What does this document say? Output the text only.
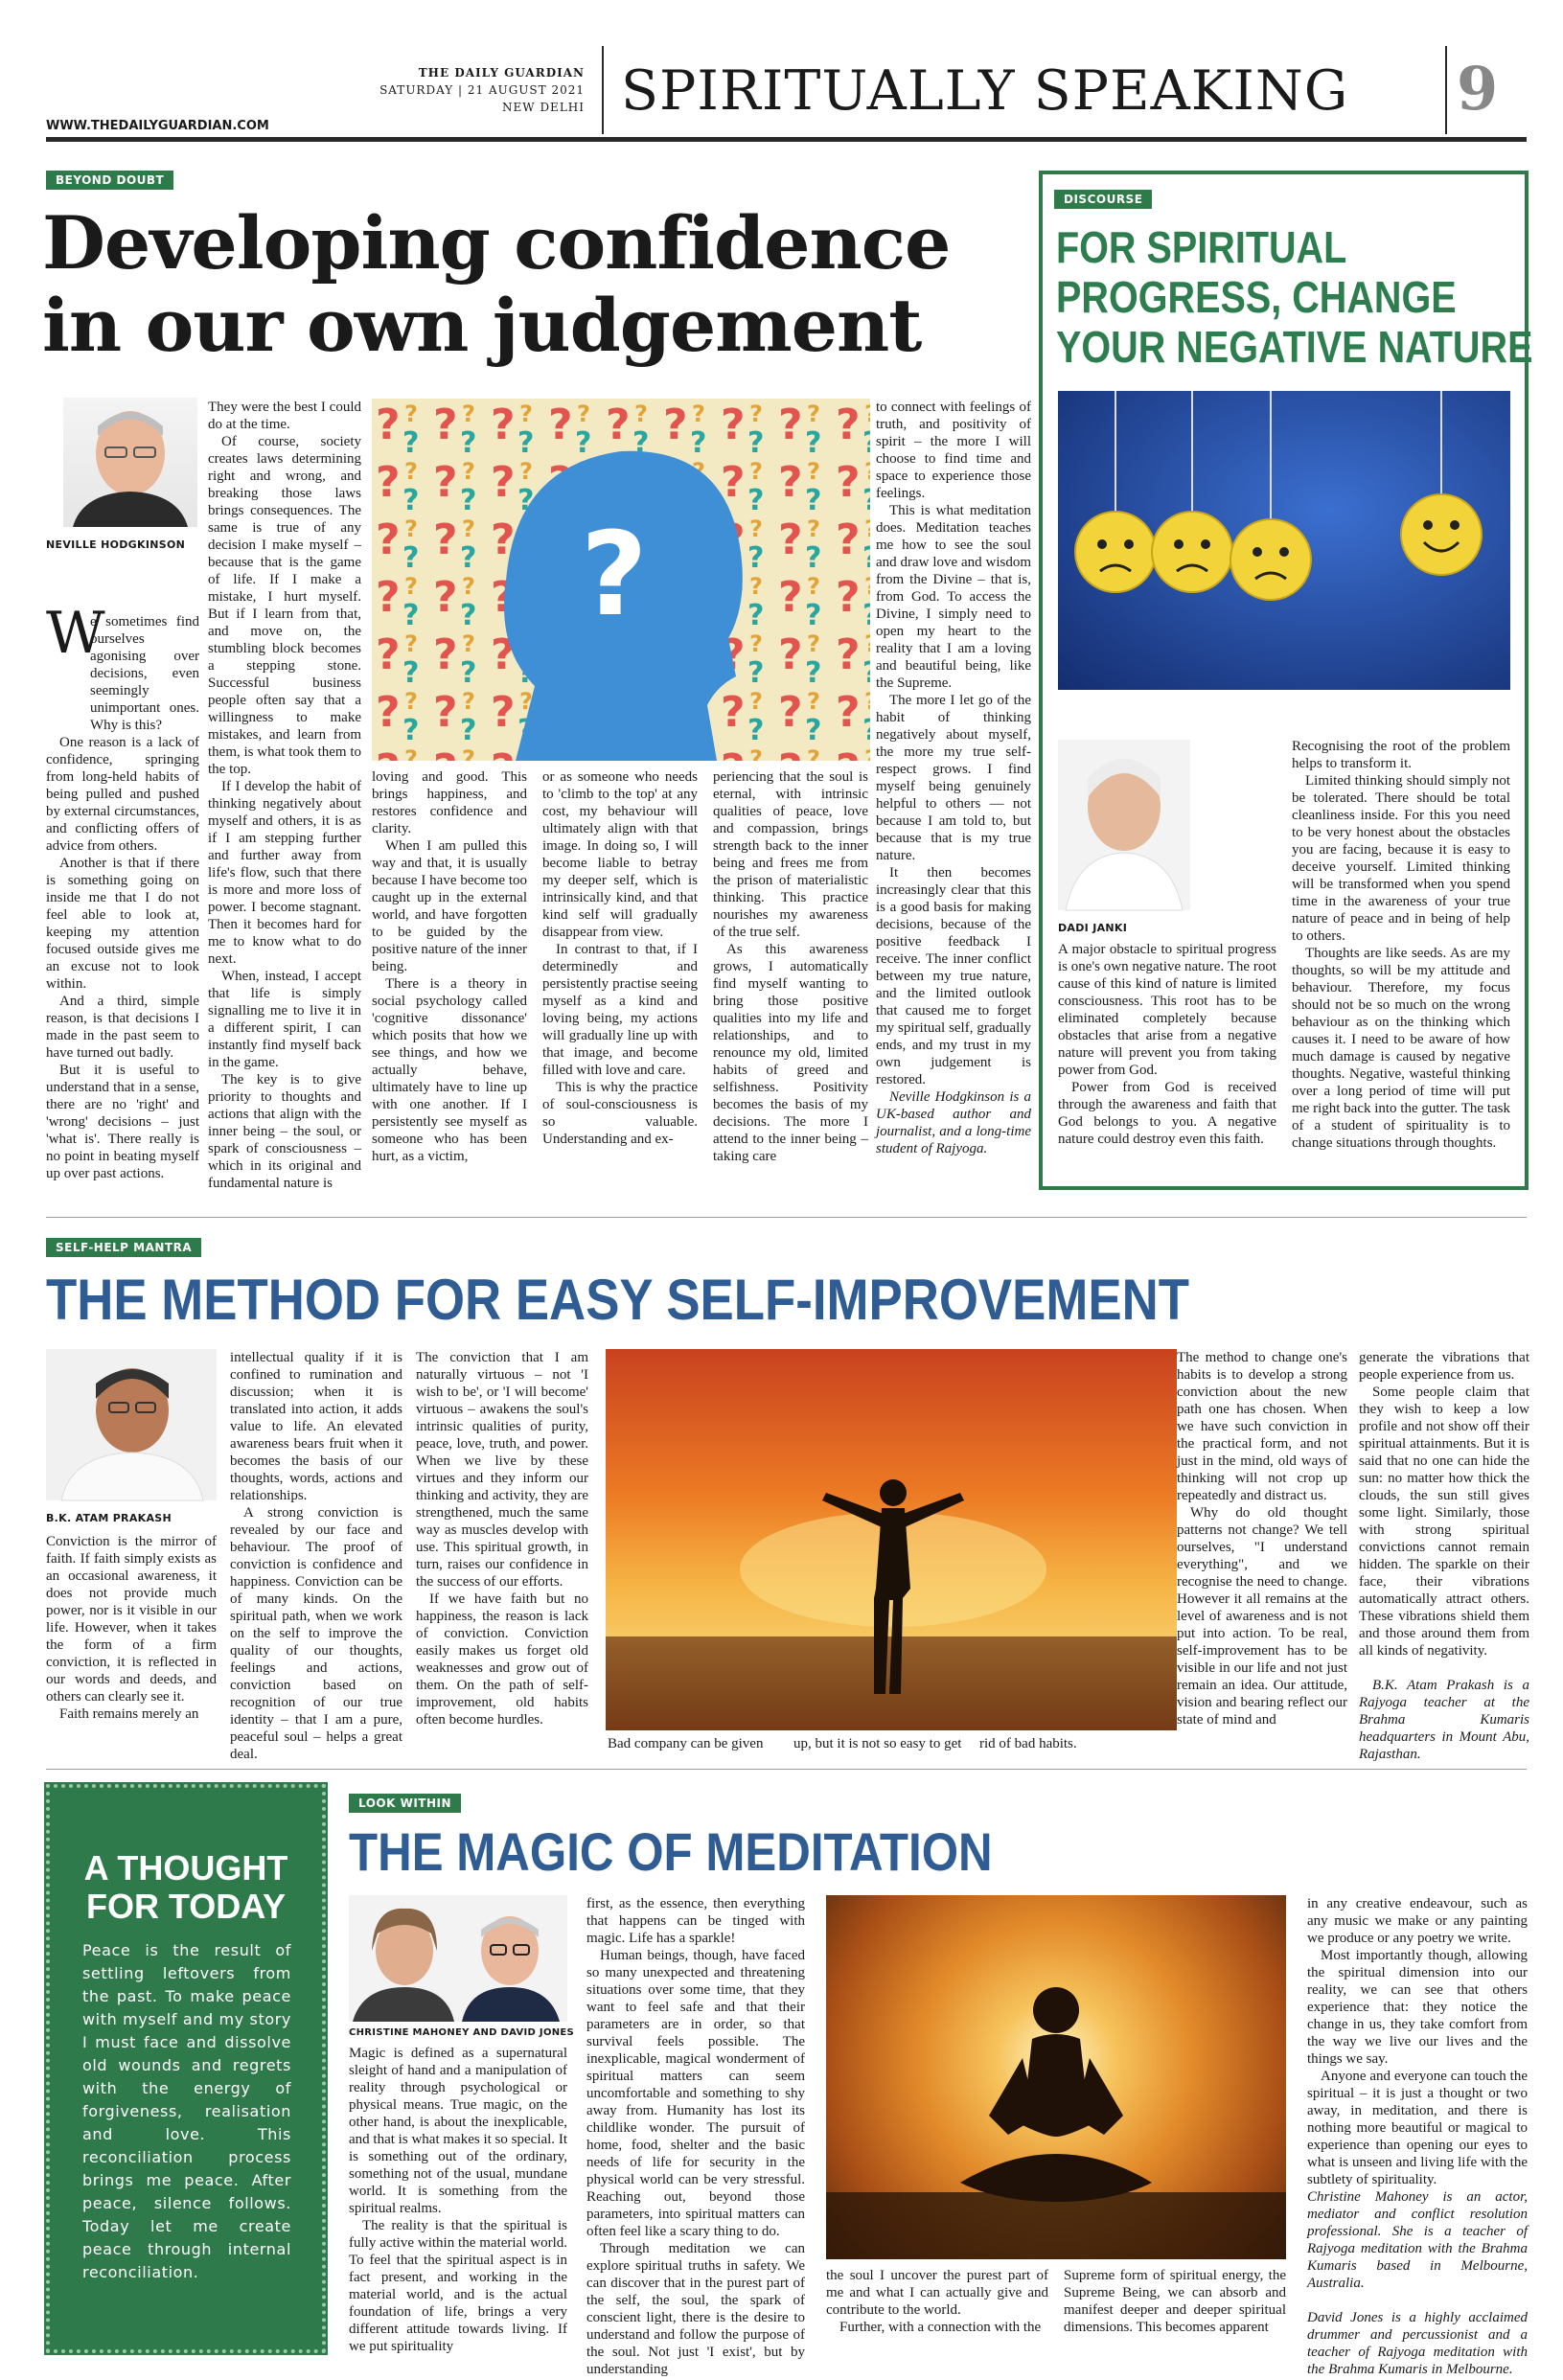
THE DAILY GUARDIAN
SATURDAY | 21 AUGUST 2021
NEW DELHI SPIRITUALLY SPEAKING 9
WWW.THEDAILYGUARDIAN.COM
BEYOND DOUBT
Developing confidence
in our own judgement
NEVILLE HODGKINSON
W

e sometimes find ourselves agonising over decisions, even seemingly unimportant ones. Why is this?

One reason is a lack of confidence, springing from long-held habits of being pulled and pushed by external circumstances, and conflicting offers of advice from others.

Another is that if there is something going on inside me that I do not feel able to look at, keeping my attention focused outside gives me an excuse not to look within.

And a third, simple reason, is that decisions I made in the past seem to have turned out badly.

But it is useful to understand that in a sense, there are no 'right' and 'wrong' decisions – just 'what is'. There really is no point in beating myself up over past actions.

They were the best I could do at the time.

Of course, society creates laws determining right and wrong, and breaking those laws brings consequences. The same is true of any decision I make myself – because that is the game of life. If I make a mistake, I hurt myself. But if I learn from that, and move on, the stumbling block becomes a stepping stone. Successful business people often say that a willingness to make mistakes, and learn from them, is what took them to the top.

If I develop the habit of thinking negatively about myself and others, it is as if I am stepping further and further away from life's flow, such that there is more and more loss of power. I become stagnant. Then it becomes hard for me to know what to do next.

When, instead, I accept that life is simply signalling me to live it in a different spirit, I can instantly find myself back in the game.

The key is to give priority to thoughts and actions that align with the inner being – the soul, or spark of consciousness – which in its original and fundamental nature is

?

loving and good. This brings happiness, and restores confidence and clarity.

When I am pulled this way and that, it is usually because I have become too caught up in the external world, and have forgotten to be guided by the positive nature of the inner being.

There is a theory in social psychology called 'cognitive dissonance' which posits that how we see things, and how we actually behave, ultimately have to line up with one another. If I persistently see myself as someone who has been hurt, as a victim,

or as someone who needs to 'climb to the top' at any cost, my behaviour will ultimately align with that image. In doing so, I will become liable to betray my deeper self, which is intrinsically kind, and that kind self will gradually disappear from view.

In contrast to that, if I determinedly and persistently practise seeing myself as a kind and loving being, my actions will gradually line up with that image, and become filled with love and care.

This is why the practice of soul-consciousness is so valuable. Understanding and ex-

periencing that the soul is eternal, with intrinsic qualities of peace, love and compassion, brings strength back to the inner being and frees me from the prison of materialistic thinking. This practice nourishes my awareness of the true self.

As this awareness grows, I automatically find myself wanting to bring those positive qualities into my life and relationships, and to renounce my old, limited habits of greed and selfishness. Positivity becomes the basis of my decisions. The more I attend to the inner being – taking care

to connect with feelings of truth, and positivity of spirit – the more I will choose to find time and space to experience those feelings.

This is what meditation does. Meditation teaches me how to see the soul and draw love and wisdom from the Divine – that is, from God. To access the Divine, I simply need to open my heart to the reality that I am a loving and beautiful being, like the Supreme.

The more I let go of the habit of thinking negatively about myself, the more my true self-respect grows. I find myself being genuinely helpful to others — not because I am told to, but because that is my true nature.

It then becomes increasingly clear that this is a good basis for making decisions, because of the positive feedback I receive. The inner conflict between my true nature, and the limited outlook that caused me to forget my spiritual self, gradually ends, and my trust in my own judgement is restored.

Neville Hodgkinson is a UK-based author and journalist, and a long-time student of Rajyoga.

DISCOURSE
FOR SPIRITUAL
PROGRESS, CHANGE
YOUR NEGATIVE NATURE
DADI JANKI

A major obstacle to spiritual progress is one's own negative nature. The root cause of this kind of nature is limited consciousness. This root has to be eliminated completely because obstacles that arise from a negative nature will prevent you from taking power from God.

Power from God is received through the awareness and faith that God belongs to you. A negative nature could destroy even this faith.

Recognising the root of the problem helps to transform it.

Limited thinking should simply not be tolerated. There should be total cleanliness inside. For this you need to be very honest about the obstacles you are facing, because it is easy to deceive yourself. Limited thinking will be transformed when you spend time in the awareness of your true nature of peace and in being of help to others.

Thoughts are like seeds. As are my thoughts, so will be my attitude and behaviour. Therefore, my focus should not be so much on the wrong behaviour as on the thinking which causes it. I need to be aware of how much damage is caused by negative thoughts. Negative, wasteful thinking over a long period of time will put me right back into the gutter. The task of a student of spirituality is to change situations through thoughts.

SELF-HELP MANTRA
THE METHOD FOR EASY SELF-IMPROVEMENT
B.K. ATAM PRAKASH

Conviction is the mirror of faith. If faith simply exists as an occasional awareness, it does not provide much power, nor is it visible in our life. However, when it takes the form of a firm conviction, it is reflected in our words and deeds, and others can clearly see it.

Faith remains merely an

intellectual quality if it is confined to rumination and discussion; when it is translated into action, it adds value to life. An elevated awareness bears fruit when it becomes the basis of our thoughts, words, actions and relationships.

A strong conviction is revealed by our face and behaviour. The proof of conviction is confidence and happiness. Conviction can be of many kinds. On the spiritual path, when we work on the self to improve the quality of our thoughts, feelings and actions, conviction based on recognition of our true identity – that I am a pure, peaceful soul – helps a great deal.

The conviction that I am naturally virtuous – not 'I wish to be', or 'I will become' virtuous – awakens the soul's intrinsic qualities of purity, peace, love, truth, and power. When we live by these virtues and they inform our thinking and activity, they are strengthened, much the same way as muscles develop with use. This spiritual growth, in turn, raises our confidence in the success of our efforts.

If we have faith but no happiness, the reason is lack of conviction. Conviction easily makes us forget old weaknesses and grow out of them. On the path of self-improvement, old habits often become hurdles.

Bad company can be given up, but it is not so easy to get rid of bad habits.

The method to change one's habits is to develop a strong conviction about the new path one has chosen. When we have such conviction in the practical form, and not just in the mind, old ways of thinking will not crop up repeatedly and distract us.

Why do old thought patterns not change? We tell ourselves, "I understand everything", and we recognise the need to change. However it all remains at the level of awareness and is not put into action. To be real, self-improvement has to be visible in our life and not just remain an idea. Our attitude, vision and bearing reflect our state of mind and

generate the vibrations that people experience from us.

Some people claim that they wish to keep a low profile and not show off their spiritual attainments. But it is said that no one can hide the sun: no matter how thick the clouds, the sun still gives some light. Similarly, those with strong spiritual convictions cannot remain hidden. The sparkle on their face, their vibrations automatically attract others. These vibrations shield them and those around them from all kinds of negativity.

B.K. Atam Prakash is a Rajyoga teacher at the Brahma Kumaris headquarters in Mount Abu, Rajasthan.

A THOUGHT
FOR TODAY
Peace is the result of settling leftovers from the past. To make peace with myself and my story I must face and dissolve old wounds and regrets with the energy of forgiveness, realisation and love. This reconciliation process brings me peace. After peace, silence follows. Today let me create peace through internal reconciliation.
LOOK WITHIN
THE MAGIC OF MEDITATION
CHRISTINE MAHONEY AND DAVID JONES

Magic is defined as a supernatural sleight of hand and a manipulation of reality through psychological or physical means. True magic, on the other hand, is about the inexplicable, and that is what makes it so special. It is something out of the ordinary, something not of the usual, mundane world. It is something from the spiritual realms.

The reality is that the spiritual is fully active within the material world. To feel that the spiritual aspect is in fact present, and working in the material world, and is the actual foundation of life, brings a very different attitude towards living. If we put spirituality

first, as the essence, then everything that happens can be tinged with magic. Life has a sparkle!

Human beings, though, have faced so many unexpected and threatening situations over some time, that they want to feel safe and that their parameters are in order, so that survival feels possible. The inexplicable, magical wonderment of spiritual matters can seem uncomfortable and something to shy away from. Humanity has lost its childlike wonder. The pursuit of home, food, shelter and the basic needs of life for security in the physical world can be very stressful. Reaching out, beyond those parameters, into spiritual matters can often feel like a scary thing to do.

Through meditation we can explore spiritual truths in safety. We can discover that in the purest part of the self, the soul, the spark of conscient light, there is the desire to understand and follow the purpose of the soul. Not just 'I exist', but by understanding

the soul I uncover the purest part of me and what I can actually give and contribute to the world.

Further, with a connection with the

Supreme form of spiritual energy, the Supreme Being, we can absorb and manifest deeper and deeper spiritual dimensions. This becomes apparent

in any creative endeavour, such as any music we make or any painting we produce or any poetry we write.

Most importantly though, allowing the spiritual dimension into our reality, we can see that others experience that: they notice the change in us, they take comfort from the way we live our lives and the things we say.

Anyone and everyone can touch the spiritual – it is just a thought or two away, in meditation, and there is nothing more beautiful or magical to experience than opening our eyes to what is unseen and living life with the subtlety of spirituality.

Christine Mahoney is an actor, mediator and conflict resolution professional. She is a teacher of Rajyoga meditation with the Brahma Kumaris based in Melbourne, Australia.

David Jones is a highly acclaimed drummer and percussionist and a teacher of Rajyoga meditation with the Brahma Kumaris in Melbourne.
